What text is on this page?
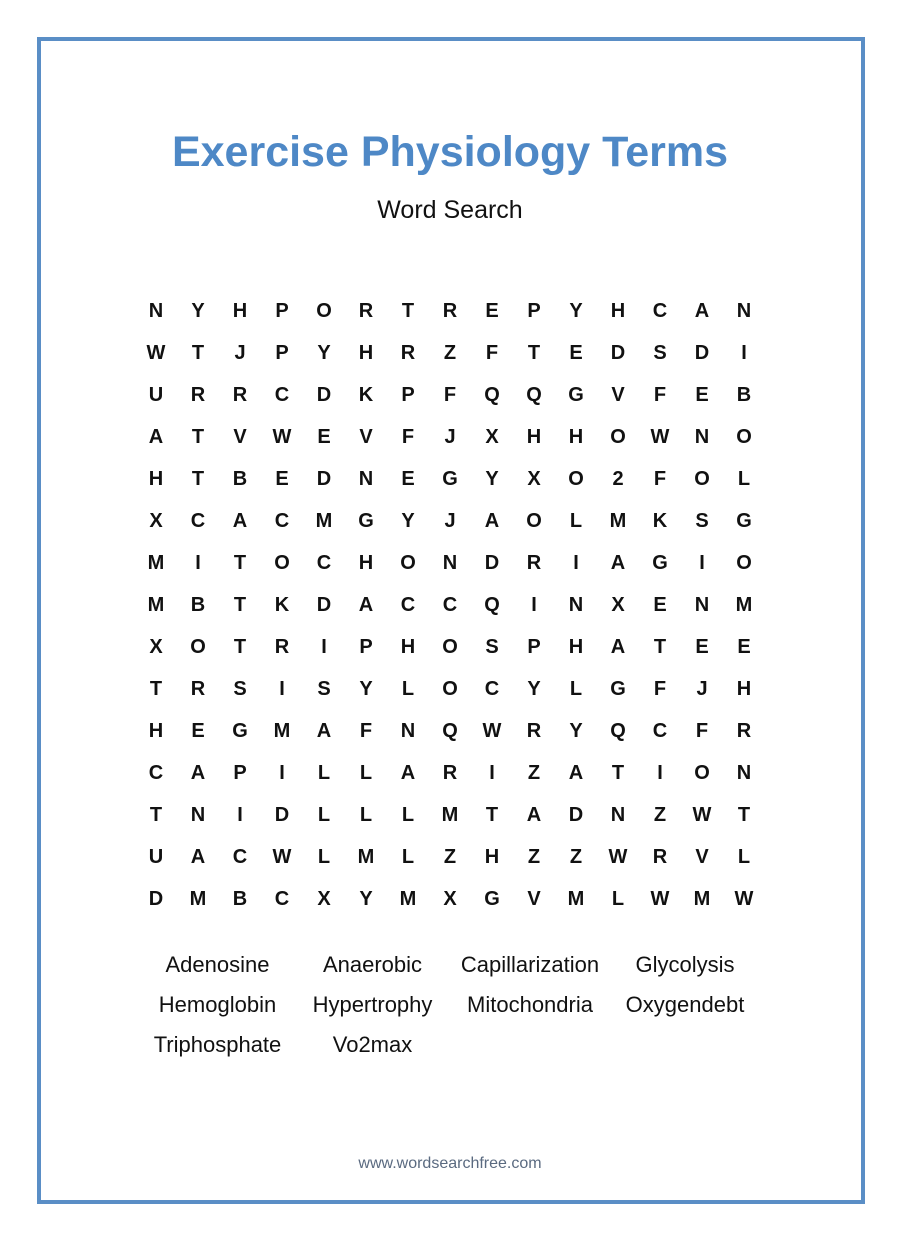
Exercise Physiology Terms
Word Search
N	Y	H	P	O	R	T	R	E	P	Y	H	C	A	N
W	T	J	P	Y	H	R	Z	F	T	E	D	S	D	I
U	R	R	C	D	K	P	F	Q	Q	G	V	F	E	B
A	T	V	W	E	V	F	J	X	H	H	O	W	N	O
H	T	B	E	D	N	E	G	Y	X	O	2	F	O	L
X	C	A	C	M	G	Y	J	A	O	L	M	K	S	G
M	I	T	O	C	H	O	N	D	R	I	A	G	I	O
M	B	T	K	D	A	C	C	Q	I	N	X	E	N	M
X	O	T	R	I	P	H	O	S	P	H	A	T	E	E
T	R	S	I	S	Y	L	O	C	Y	L	G	F	J	H
H	E	G	M	A	F	N	Q	W	R	Y	Q	C	F	R
C	A	P	I	L	L	A	R	I	Z	A	T	I	O	N
T	N	I	D	L	L	L	M	T	A	D	N	Z	W	T
U	A	C	W	L	M	L	Z	H	Z	Z	W	R	V	L
D	M	B	C	X	Y	M	X	G	V	M	L	W	M	W
Adenosine	Anaerobic	Capillarization	Glycolysis
Hemoglobin	Hypertrophy	Mitochondria	Oxygendebt
Triphosphate	Vo2max
www.wordsearchfree.com
